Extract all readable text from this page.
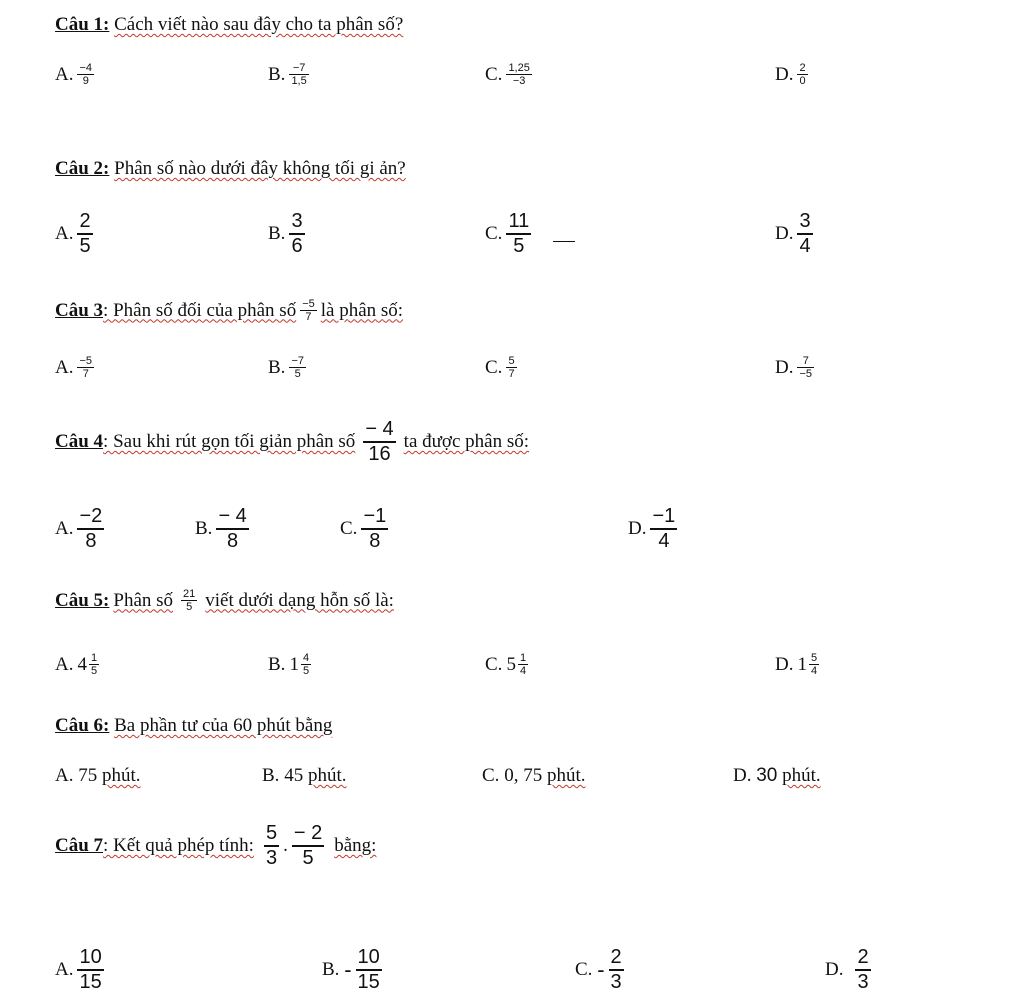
Câu 1: Cách viết nào sau đây cho ta phân số?
A. $\frac{-4}{9}$	B. $\frac{-7}{1,5}$	C. $\frac{1,25}{-3}$	D. $\frac{2}{0}$
Câu 2: Phân số nào dưới đây không tối gi ản?
A. $\frac{2}{5}$	B. $\frac{3}{6}$	C. $\frac{11}{5}$	D. $\frac{3}{4}$
Câu 3 : Phân số đối của phân số $\frac{-5}{7}$ là phân số:
A. $\frac{-5}{7}$	B. $\frac{-7}{5}$	C. $\frac{5}{7}$	D. $\frac{7}{-5}$
Câu 4 : Sau khi rút gọn tối giản phân số $\frac{- 4}{16}$ ta được phân số:
A. $\frac{-2}{8}$	B. $\frac{- 4}{8}$	C. $\frac{-1}{8}$	D. $\frac{-1}{4}$
Câu 5: Phân số $\frac{21}{5}$ viết dưới dạng hỗn số là:
A. $4 \frac{1}{5}$	B. $1 \frac{4}{5}$	C. $5 \frac{1}{4}$	D. $1 \frac{5}{4}$
Câu 6: Ba phần tư của 60 phút bằng
A.
75
phút.	B.
45
phút.	C.
0, 75
phút.	D.
30
phút.
Câu 7 : Kết quả phép tính: $\frac{5}{3}$ . $\frac{- 2}{5}$ bằng:
A. $\frac{10}{15}$	B.
- $\frac{10}{15}$	C.
- $\frac{2}{3}$	D. $\frac{2}{3}$
